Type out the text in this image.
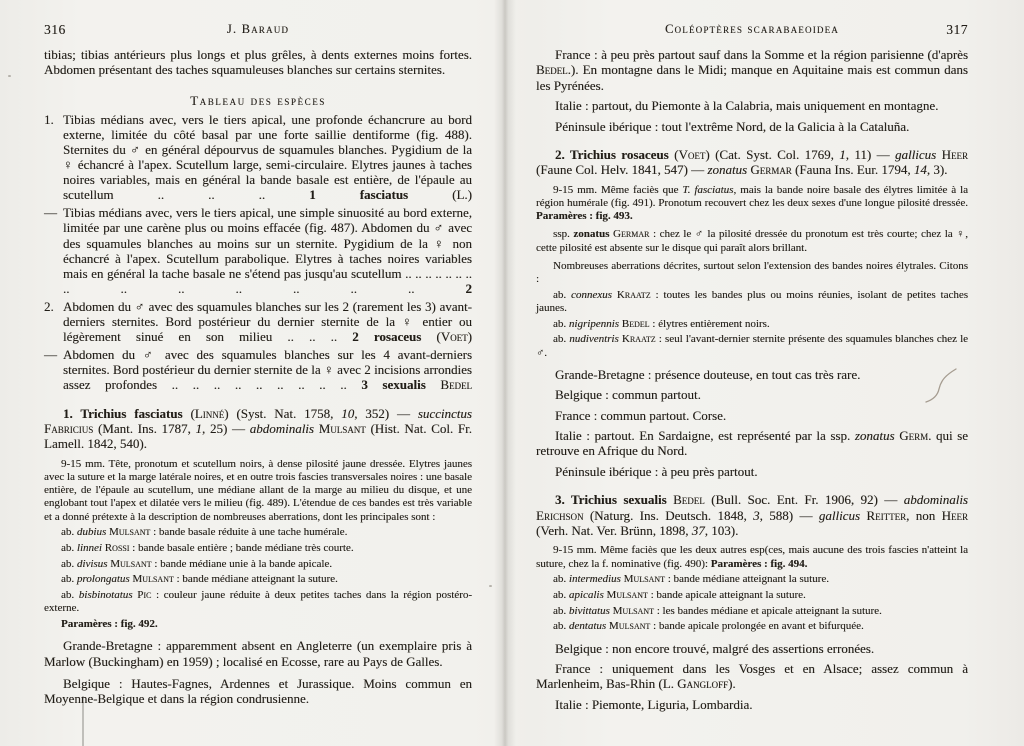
316	J. Baraud

tibias; tibias antérieurs plus longs et plus grêles, à dents externes moins fortes. Abdomen présentant des taches squamuleuses blanches sur certains sternites.

Tableau des espèces

1. Tibias médians avec, vers le tiers apical, une profonde échancrure au bord externe, limitée du côté basal par une forte saillie dentiforme (fig. 488). Sternites du ♂ en général dépourvus de squamules blanches. Pygidium de la ♀ échancré à l'apex. Scutellum large, semi-circulaire. Elytres jaunes à taches noires variables, mais en général la bande basale est entière, de l'épaule au scutellum .. .. .. 1 fasciatus (L.)

— Tibias médians avec, vers le tiers apical, une simple sinuosité au bord externe, limitée par une carène plus ou moins effacée (fig. 487). Abdomen du ♂ avec des squamules blanches au moins sur un sternite. Pygidium de la ♀ non échancré à l'apex. Scutellum parabolique. Elytres à taches noires variables mais en général la tache basale ne s'étend pas jusqu'au scutellum .. .. .. .. .. .. .. .. .. .. .. .. .. .. 2

2. Abdomen du ♂ avec des squamules blanches sur les 2 (rarement les 3) avant-derniers sternites. Bord postérieur du dernier sternite de la ♀ entier ou légèrement sinué en son milieu .. .. .. 2 rosaceus (Voet)

— Abdomen du ♂ avec des squamules blanches sur les 4 avant-derniers sternites. Bord postérieur du dernier sternite de la ♀ avec 2 incisions arrondies assez profondes .. .. .. .. .. .. .. .. .. 3 sexualis Bedel

1. Trichius fasciatus (Linné) (Syst. Nat. 1758, 10, 352) — succinctus Fabricius (Mant. Ins. 1787, 1, 25) — abdominalis Mulsant (Hist. Nat. Col. Fr. Lamell. 1842, 540).

9-15 mm. Tête, pronotum et scutellum noirs, à dense pilosité jaune dressée. Elytres jaunes avec la suture et la marge latérale noires, et en outre trois fascies transversales noires : une basale entière, de l'épaule au scutellum, une médiane allant de la marge au milieu du disque, et une englobant tout l'apex et dilatée vers le milieu (fig. 489). L'étendue de ces bandes est très variable et a donné prétexte à la description de nombreuses aberrations, dont les principales sont :

ab. dubius Mulsant : bande basale réduite à une tache humérale.

ab. linnei Rossi : bande basale entière ; bande médiane très courte.

ab. divisus Mulsant : bande médiane unie à la bande apicale.

ab. prolongatus Mulsant : bande médiane atteignant la suture.

ab. bisbinotatus Pic : couleur jaune réduite à deux petites taches dans la région postéro-externe.

Paramères : fig. 492.

Grande-Bretagne : apparemment absent en Angleterre (un exemplaire pris à Marlow (Buckingham) en 1959) ; localisé en Ecosse, rare au Pays de Galles.

Belgique : Hautes-Fagnes, Ardennes et Jurassique. Moins commun en Moyenne-Belgique et dans la région condrusienne.

Coléoptères scarabaeoidea	317

France : à peu près partout sauf dans la Somme et la région parisienne (d'après Bedel.). En montagne dans le Midi; manque en Aquitaine mais est commun dans les Pyrénées.

Italie : partout, du Piemonte à la Calabria, mais uniquement en montagne.

Péninsule ibérique : tout l'extrême Nord, de la Galicia à la Cataluña.

2. Trichius rosaceus (Voet) (Cat. Syst. Col. 1769, 1, 11) — gallicus Heer (Faune Col. Helv. 1841, 547) — zonatus Germar (Fauna Ins. Eur. 1794, 14, 3).

9-15 mm. Même faciès que T. fasciatus, mais la bande noire basale des élytres limitée à la région humérale (fig. 491). Pronotum recouvert chez les deux sexes d'une longue pilosité dressée. Paramères : fig. 493.

ssp. zonatus Germar : chez le ♂ la pilosité dressée du pronotum est très courte; chez la ♀, cette pilosité est absente sur le disque qui paraît alors brillant.

Nombreuses aberrations décrites, surtout selon l'extension des bandes noires élytrales. Citons :

ab. connexus Kraatz : toutes les bandes plus ou moins réunies, isolant de petites taches jaunes.

ab. nigripennis Bedel : élytres entièrement noirs.

ab. nudiventris Kraatz : seul l'avant-dernier sternite présente des squamules blanches chez le ♂.

Grande-Bretagne : présence douteuse, en tout cas très rare.

Belgique : commun partout.

France : commun partout. Corse.

Italie : partout. En Sardaigne, est représenté par la ssp. zonatus Germ. qui se retrouve en Afrique du Nord.

Péninsule ibérique : à peu près partout.

3. Trichius sexualis Bedel (Bull. Soc. Ent. Fr. 1906, 92) — abdominalis Erichson (Naturg. Ins. Deutsch. 1848, 3, 588) — gallicus Reitter, non Heer (Verh. Nat. Ver. Brünn, 1898, 37, 103).

9-15 mm. Même faciès que les deux autres esp(ces, mais aucune des trois fascies n'atteint la suture, chez la f. nominative (fig. 490): Paramères : fig. 494.

ab. intermedius Mulsant : bande médiane atteignant la suture.

ab. apicalis Mulsant : bande apicale atteignant la suture.

ab. bivittatus Mulsant : les bandes médiane et apicale atteignant la suture.

ab. dentatus Mulsant : bande apicale prolongée en avant et bifurquée.

Belgique : non encore trouvé, malgré des assertions erronées.

France : uniquement dans les Vosges et en Alsace; assez commun à Marlenheim, Bas-Rhin (L. Gangloff).

Italie : Piemonte, Liguria, Lombardia.
